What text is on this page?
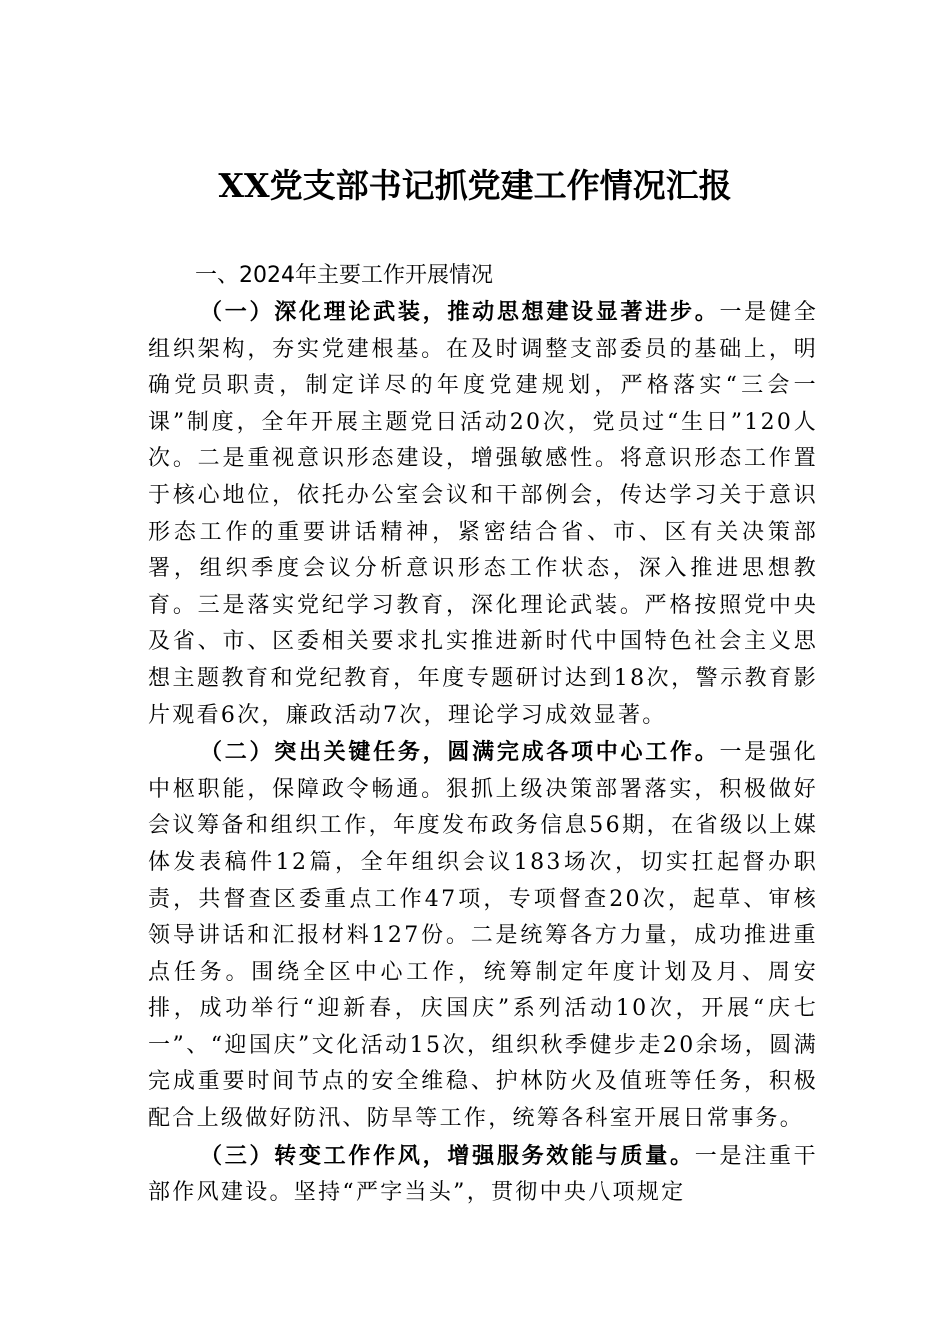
XX党支部书记抓党建工作情况汇报

一、2024年主要工作开展情况

（一）深化理论武装，推动思想建设显著进步。一是健全组织架构，夯实党建根基。在及时调整支部委员的基础上，明确党员职责，制定详尽的年度党建规划，严格落实“三会一课”制度，全年开展主题党日活动20次，党员过“生日”120人次。二是重视意识形态建设，增强敏感性。将意识形态工作置于核心地位，依托办公室会议和干部例会，传达学习关于意识形态工作的重要讲话精神，紧密结合省、市、区有关决策部署，组织季度会议分析意识形态工作状态，深入推进思想教育。三是落实党纪学习教育，深化理论武装。严格按照党中央及省、市、区委相关要求扎实推进新时代中国特色社会主义思想主题教育和党纪教育，年度专题研讨达到18次，警示教育影片观看6次，廉政活动7次，理论学习成效显著。

（二）突出关键任务，圆满完成各项中心工作。一是强化中枢职能，保障政令畅通。狠抓上级决策部署落实，积极做好会议筹备和组织工作，年度发布政务信息56期，在省级以上媒体发表稿件12篇，全年组织会议183场次，切实扛起督办职责，共督查区委重点工作47项，专项督查20次，起草、审核领导讲话和汇报材料127份。二是统筹各方力量，成功推进重点任务。围绕全区中心工作，统筹制定年度计划及月、周安排，成功举行“迎新春，庆国庆”系列活动10次，开展“庆七一”、“迎国庆”文化活动15次，组织秋季健步走20余场，圆满完成重要时间节点的安全维稳、护林防火及值班等任务，积极配合上级做好防汛、防旱等工作，统筹各科室开展日常事务。

（三）转变工作作风，增强服务效能与质量。一是注重干部作风建设。坚持“严字当头”，贯彻中央八项规定
